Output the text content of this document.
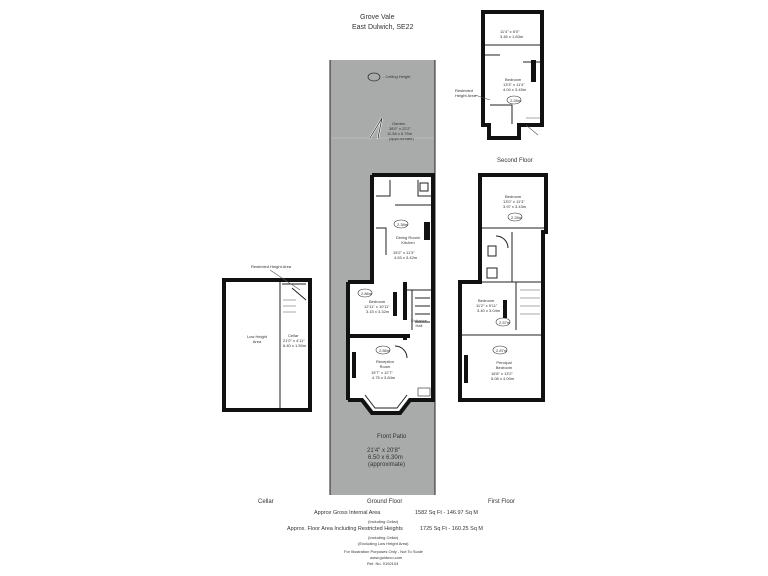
Grove Vale
East Dulwich, SE22
- Ceiling Height
Garden
38'0" x 22'2"
11.58 x 6.75m
(approximate)
2.38m
Dining Room/ Kitchen
15'2" x 11'3"
4.63 x 3.42m
2.86m
Bedroom
12'11" x 10'11"
3.15 x 3.32m
Entrance Hall
2.86m
Reception Room
15'7" x 12'7"
4.75 x 3.84m
Front Patio
21'4" x 20'8"
6.50 x 6.30m
(approximate)
Restricted Height Area
Low Height Area
Cellar
21'0" x 4'11"
6.40 x 1.50m
11'4" x 6'0"
3.46 x 1.83m
Bedroom
13'3" x 11'4"
4.04 x 3.45m
2.28m
Restricted
Height Area
Bedroom
13'0" x 11'3"
3.97 x 3.43m
2.28m
Bedroom
11'2" x 9'11"
3.40 x 3.04m
2.57m
2.87m
Principal Bedroom
16'8" x 13'2"
5.08 x 4.00m
Cellar	Ground Floor	First Floor
Second Floor
Approx Gross Internal Area	1582 Sq Ft - 146.97 Sq M
(Including Cellar)
Approx. Floor Area Including Restricted Heights	1725 Sq Ft - 160.25 Sq M
(Including Cellar)
(Excluding Low Height Area)
For Illustration Purposes Only - Not To Scale
www.goldeco.com
Ref. No. 0192104
